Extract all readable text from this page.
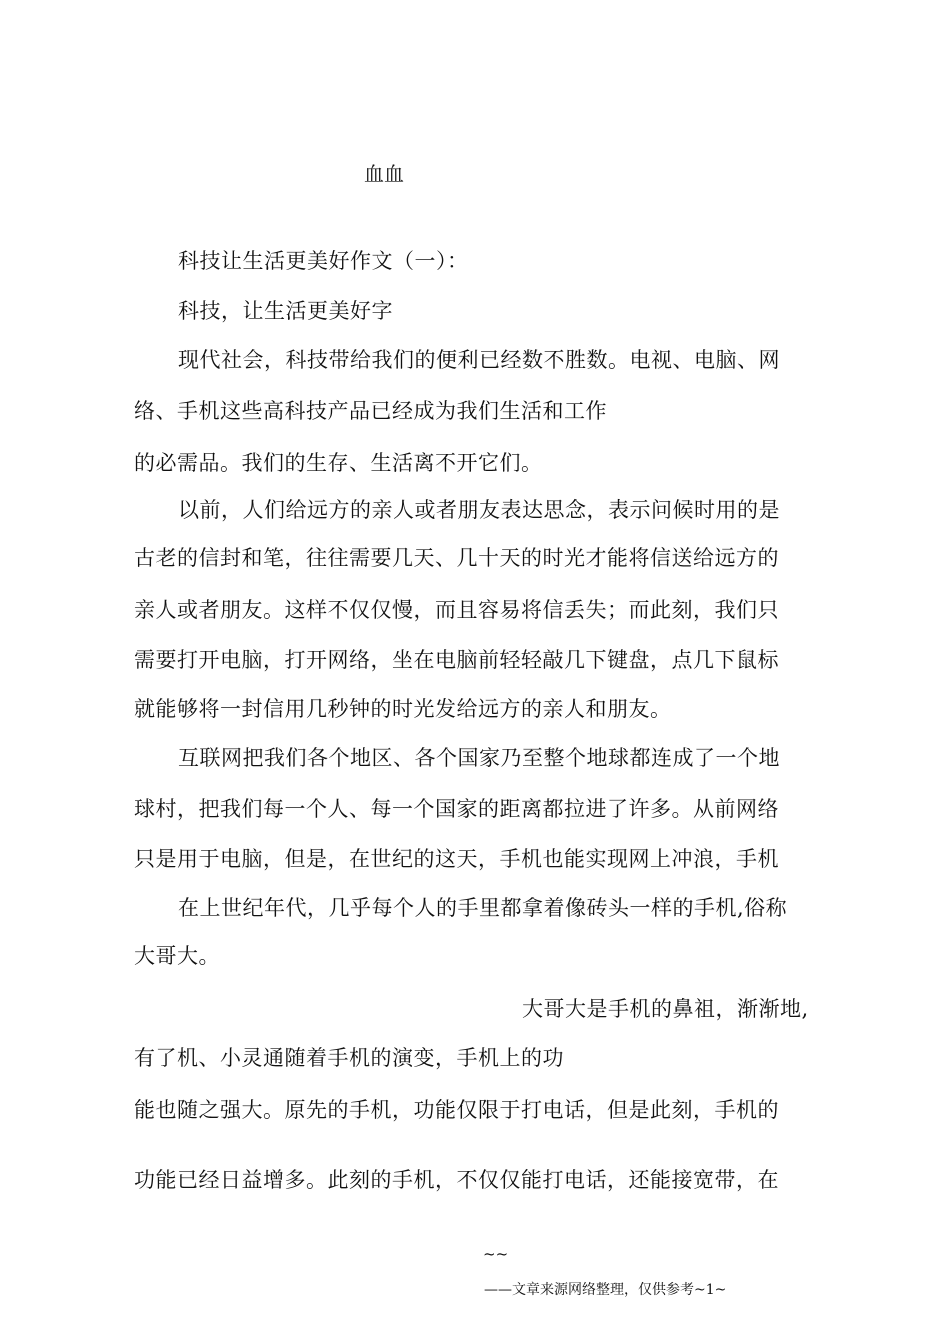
血血
科技让生活更美好作文（一）：
科技，让生活更美好字
现代社会，科技带给我们的便利已经数不胜数。电视、电脑、网
络、手机这些高科技产品已经成为我们生活和工作
的必需品。我们的生存、生活离不开它们。
以前，人们给远方的亲人或者朋友表达思念，表示问候时用的是
古老的信封和笔，往往需要几天、几十天的时光才能将信送给远方的
亲人或者朋友。这样不仅仅慢，而且容易将信丢失；而此刻，我们只
需要打开电脑，打开网络，坐在电脑前轻轻敲几下键盘，点几下鼠标
就能够将一封信用几秒钟的时光发给远方的亲人和朋友。
互联网把我们各个地区、各个国家乃至整个地球都连成了一个地
球村，把我们每一个人、每一个国家的距离都拉进了许多。从前网络
只是用于电脑，但是，在世纪的这天，手机也能实现网上冲浪，手机
在上世纪年代，几乎每个人的手里都拿着像砖头一样的手机,俗称
大哥大。
大哥大是手机的鼻祖，渐渐地,
有了机、小灵通随着手机的演变，手机上的功
能也随之强大。原先的手机，功能仅限于打电话，但是此刻，手机的
功能已经日益增多。此刻的手机，不仅仅能打电话，还能接宽带，在
~~
——文章来源网络整理，仅供参考~1~
